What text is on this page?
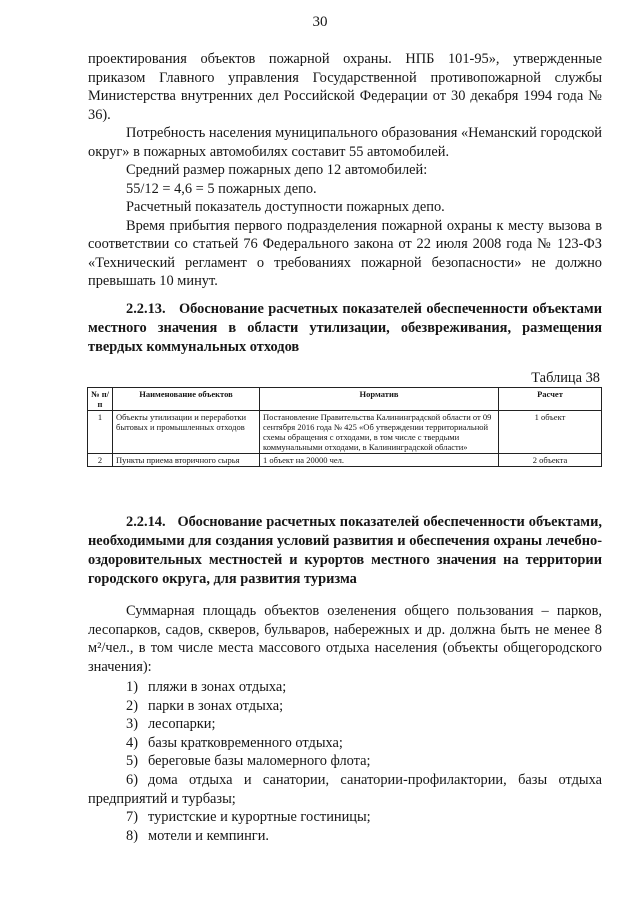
30

проектирования объектов пожарной охраны. НПБ 101-95», утвержденные приказом Главного управления Государственной противопожарной службы Министерства внутренних дел Российской Федерации от 30 декабря 1994 года № 36).

Потребность населения муниципального образования «Неманский городской округ» в пожарных автомобилях составит 55 автомобилей.

Средний размер пожарных депо 12 автомобилей:

55/12 = 4,6 = 5 пожарных депо.

Расчетный показатель доступности пожарных депо.

Время прибытия первого подразделения пожарной охраны к месту вызова в соответствии со статьей 76 Федерального закона от 22 июля 2008 года № 123-ФЗ «Технический регламент о требованиях пожарной безопасности» не должно превышать 10 минут.

2.2.13. Обоснование расчетных показателей обеспеченности объектами местного значения в области утилизации, обезвреживания, размещения твердых коммунальных отходов
Таблица 38
№ п/п	Наименование объектов	Норматив	Расчет
1	Объекты утилизации и переработки бытовых и промышленных отходов	Постановление Правительства Калининградской области от 09 сентября 2016 года № 425 «Об утверждении территориальной схемы обращения с отходами, в том числе с твердыми коммунальными отходами, в Калининградской области»	1 объект
2	Пункты приема вторичного сырья	1 объект на 20000 чел.	2 объекта
2.2.14. Обоснование расчетных показателей обеспеченности объектами, необходимыми для создания условий развития и обеспечения охраны лечебно-оздоровительных местностей и курортов местного значения на территории городского округа, для развития туризма

Суммарная площадь объектов озеленения общего пользования – парков, лесопарков, садов, скверов, бульваров, набережных и др. должна быть не менее 8 м²/чел., в том числе места массового отдыха населения (объекты общегородского значения):

1) пляжи в зонах отдыха;
2) парки в зонах отдыха;
3) лесопарки;
4) базы кратковременного отдыха;
5) береговые базы маломерного флота;
6) дома отдыха и санатории, санатории-профилактории, базы отдыха предприятий и турбазы;
7) туристские и курортные гостиницы;
8) мотели и кемпинги.
